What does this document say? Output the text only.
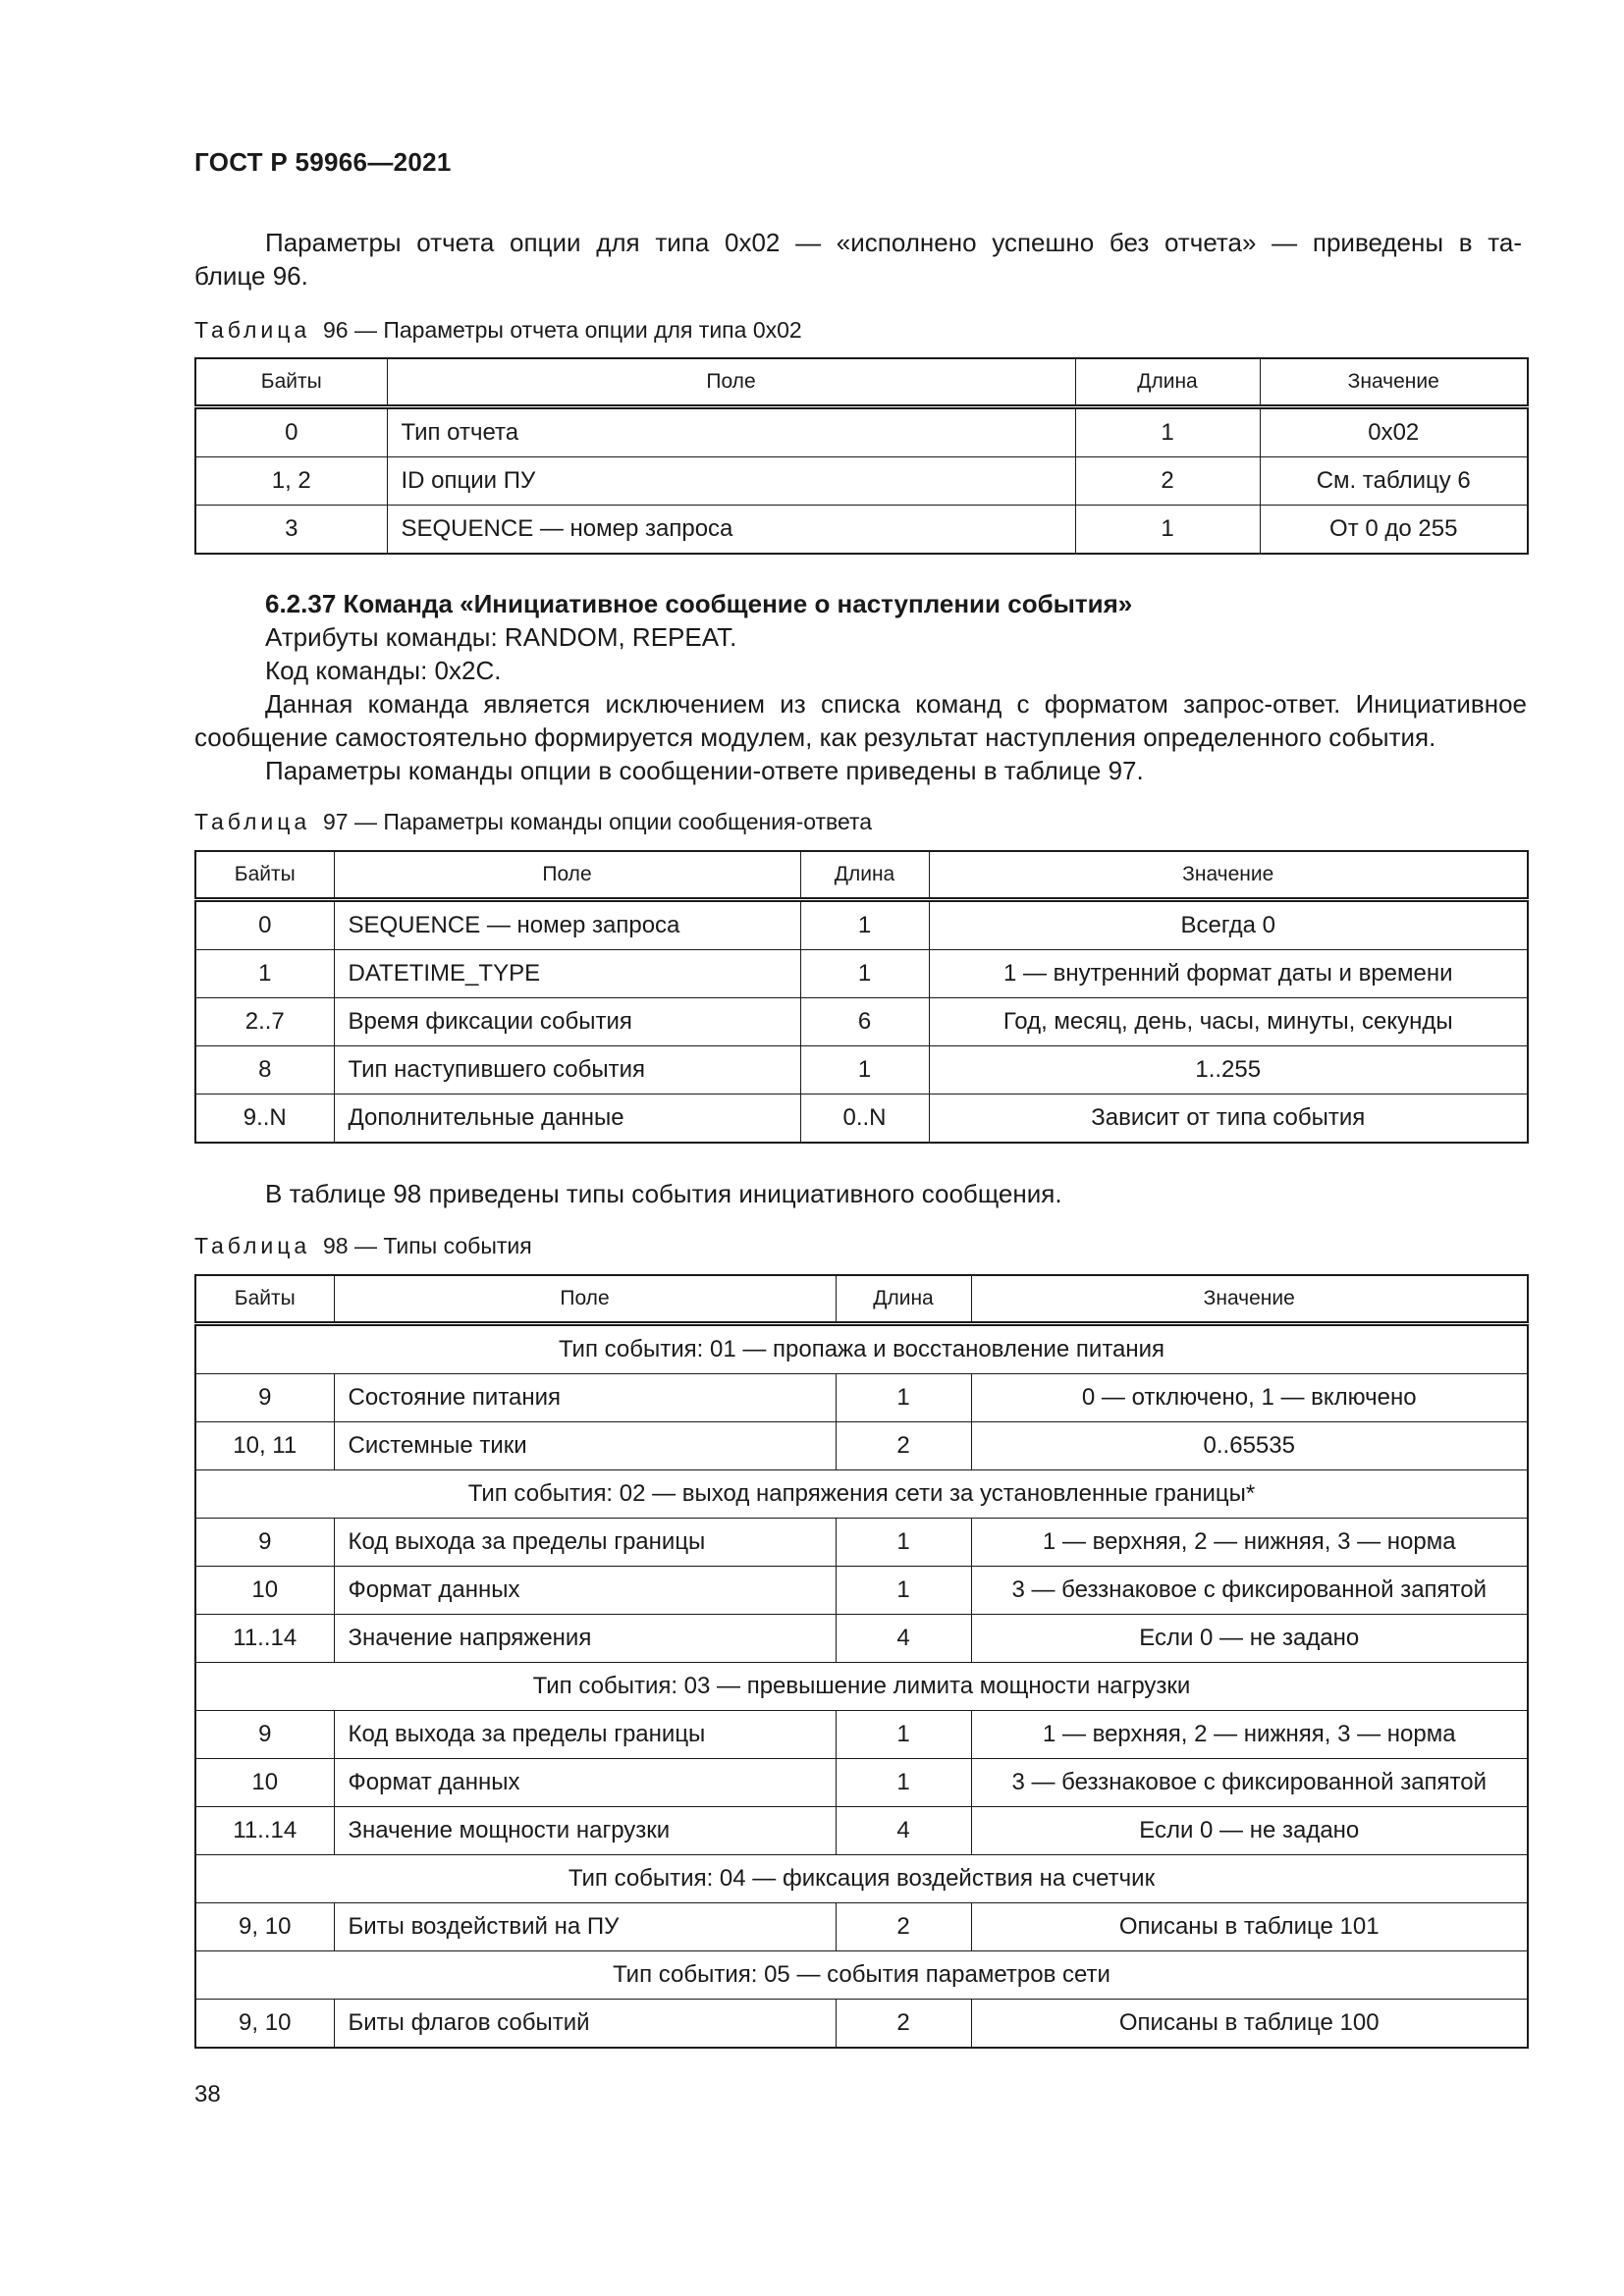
ГОСТ Р 59966—2021
Параметры отчета опции для типа 0x02 — «исполнено успешно без отчета» — приведены в та-
блице 96.
Таблица 96 — Параметры отчета опции для типа 0x02
Байты	Поле	Длина	Значение
0	Тип отчета	1	0x02
1, 2	ID опции ПУ	2	См. таблицу 6
3	SEQUENCE — номер запроса	1	От 0 до 255
6.2.37 Команда «Инициативное сообщение о наступлении события»
Атрибуты команды: RANDOM, REPEAT.
Код команды: 0x2C.
Данная команда является исключением из списка команд с форматом запрос-ответ. Инициативное
сообщение самостоятельно формируется модулем, как результат наступления определенного события.
Параметры команды опции в сообщении-ответе приведены в таблице 97.
Таблица 97 — Параметры команды опции сообщения-ответа
Байты	Поле	Длина	Значение
0	SEQUENCE — номер запроса	1	Всегда 0
1	DATETIME_TYPE	1	1 — внутренний формат даты и времени
2..7	Время фиксации события	6	Год, месяц, день, часы, минуты, секунды
8	Тип наступившего события	1	1..255
9..N	Дополнительные данные	0..N	Зависит от типа события
В таблице 98 приведены типы события инициативного сообщения.
Таблица 98 — Типы события
Байты	Поле	Длина	Значение
Тип события: 01 — пропажа и восстановление питания			
9	Состояние питания	1	0 — отключено, 1 — включено
10, 11	Системные тики	2	0..65535
Тип события: 02 — выход напряжения сети за установленные границы*			
9	Код выхода за пределы границы	1	1 — верхняя, 2 — нижняя, 3 — норма
10	Формат данных	1	3 — беззнаковое с фиксированной запятой
11..14	Значение напряжения	4	Если 0 — не задано
Тип события: 03 — превышение лимита мощности нагрузки			
9	Код выхода за пределы границы	1	1 — верхняя, 2 — нижняя, 3 — норма
10	Формат данных	1	3 — беззнаковое с фиксированной запятой
11..14	Значение мощности нагрузки	4	Если 0 — не задано
Тип события: 04 — фиксация воздействия на счетчик			
9, 10	Биты воздействий на ПУ	2	Описаны в таблице 101
Тип события: 05 — события параметров сети			
9, 10	Биты флагов событий	2	Описаны в таблице 100
38
